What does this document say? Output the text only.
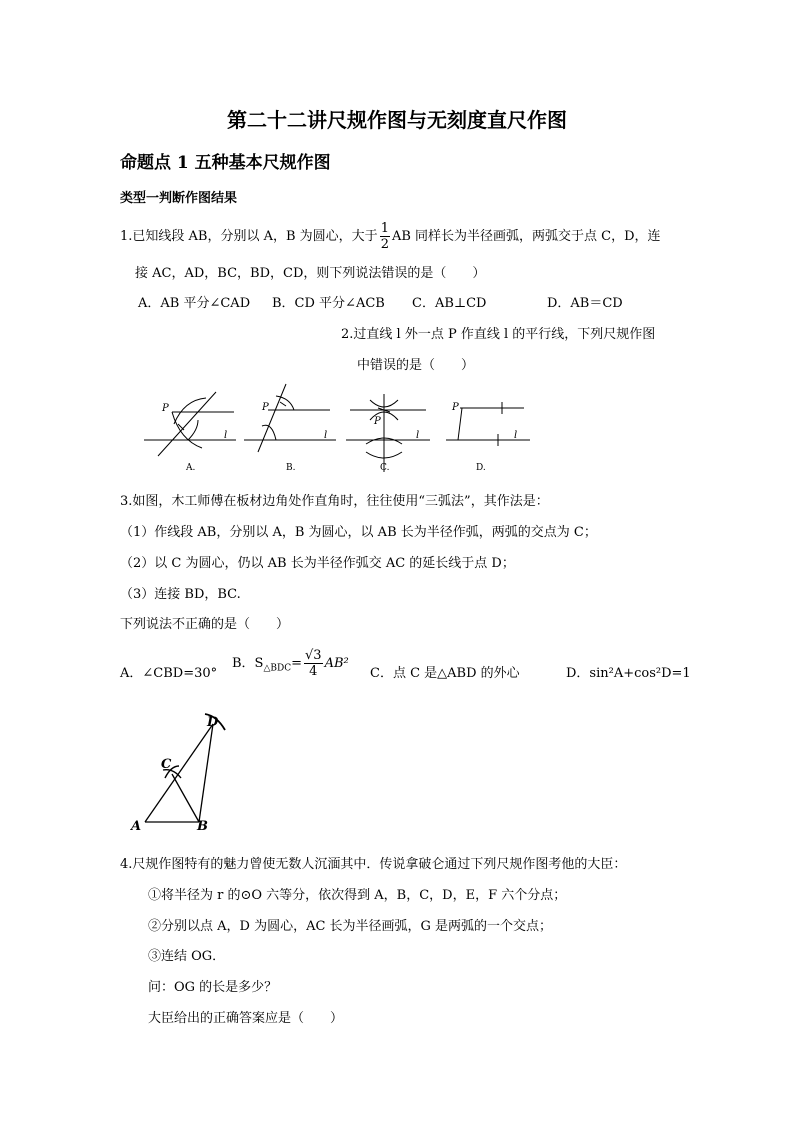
第二十二讲尺规作图与无刻度直尺作图
命题点 1 五种基本尺规作图
类型一判断作图结果
1.已知线段 AB，分别以 A，B 为圆心，大于 $\frac{1}{2}$ AB 同样长为半径画弧，两弧交于点 C，D，连
接 AC，AD，BC，BD，CD，则下列说法错误的是（　　）
A．AB 平分∠CAD B．CD 平分∠ACB C．AB⊥CD	D．AB＝CD
2.过直线 l 外一点 P 作直线 l 的平行线，下列尺规作图
中错误的是（　　）
P
l
P
l
P
l
P
l
A.	B.	C.	D.
3.如图，木工师傅在板材边角处作直角时，往往使用“三弧法”，其作法是：
（1）作线段 AB，分别以 A，B 为圆心，以 AB 长为半径作弧，两弧的交点为 C；
（2）以 C 为圆心，仍以 AB 长为半径作弧交 AC 的延长线于点 D；
（3）连接 BD，BC.
下列说法不正确的是（　　）
A．∠CBD=30°
B．$S_{\triangle BDC}= \frac{√3}{4} AB^2$
C．点 C 是△ABD 的外心	D．sin²A+cos²D=1
A	B
C
D
4.尺规作图特有的魅力曾使无数人沉湎其中．传说拿破仑通过下列尺规作图考他的大臣：
①将半径为 r 的⊙O 六等分，依次得到 A，B，C，D，E，F 六个分点；
②分别以点 A，D 为圆心，AC 长为半径画弧，G 是两弧的一个交点；
③连结 OG．
问：OG 的长是多少？
大臣给出的正确答案应是（　　）
